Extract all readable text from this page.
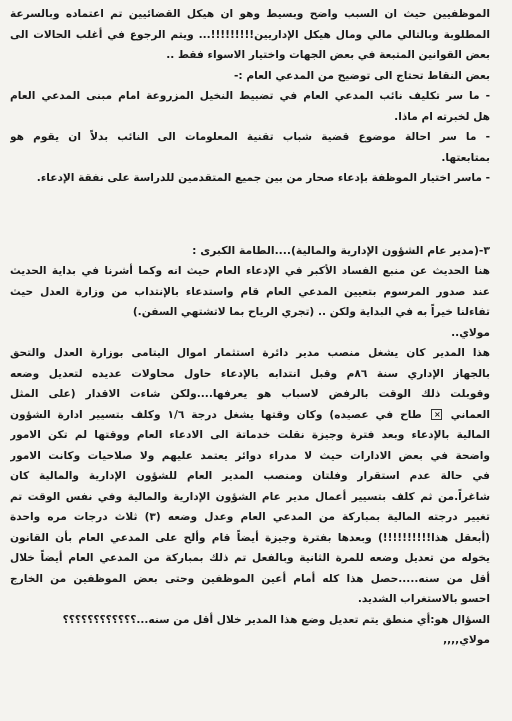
الموظفيين حيث ان السبب واضح وبسيط وهو ان هيكل القضائيين تم اعتماده وبالسرعة
المطلوبة وبالتالي مالي ومال هيكل الإداريين!!!!!!!!!... ويتم الرجوع في أغلب الحالات الى
بعض القوانين المتبعة في بعض الجهات واختيار الاسواء فقط ..
بعض النقاط تحتاج الى توضيح من المدعي العام :-
- ما سر تكليف نائب المدعي العام في تضبيط النخيل المزروعة امام مبنى المدعي العام
هل لخبرته ام ماذا.
- ما سر احالة موضوع قضية شباب تقنية المعلومات الى النائب بدلاً ان يقوم هو
بمتابعتها.
- ماسر اختيار الموظفة بإدعاء صحار من بين جميع المتقدمين للدراسة على نفقة الإدعاء.
٣-(مدير عام الشؤون الإدارية والمالية)....الطامة الكبرى :
هنا الحديث عن منبع الفساد الأكبر في الإدعاء العام حيث انه وكما أشرنا في بداية الحديث
عند صدور المرسوم بتعيين المدعي العام قام واستدعاء بالإنتداب من وزارة العدل حيث
تفاءلنا خيراً به في البداية ولكن .. (تجري الرياح بما لاتشتهي السفن.)
مولاي..
هذا المدير كان يشغل منصب مدير دائرة استثمار اموال اليتامى بوزارة العدل والتحق
بالجهاز الإداري سنة ٨٦م وقبل انتدابه بالإدعاء حاول محاولات عديده لتعديل وضعه
وقوبلت ذلك الوقت بالرفض لاسباب هو يعرفها....ولكن شاءت الاقدار (على المثل
العماني × طاح في عصيده) وكان وقتها يشغل درجة ١/٦ وكلف بتسيير ادارة الشؤون
المالية بالإدعاء وبعد فترة وجيزة نقلت خدماتة الى الادعاء العام ووقتها لم تكن الامور
واضحة في بعض الادارات حيث لا مدراء دوائر يعتمد عليهم ولا صلاحيات وكانت الامور
في حالة عدم استقرار وفلتان ومنصب المدير العام للشؤون الإدارية والمالية كان
شاغراً.من ثم كلف بتسيير أعمال مدير عام الشؤون الإدارية والمالية وفي نفس الوقت تم
تغيير درجته المالية بمباركة من المدعي العام وعدل وضعه (٣) ثلاث درجات مره واحدة
(أبعقل هذا!!!!!!!!!!) وبعدها بفترة وجيزة أيضاً قام وألح على المدعي العام بأن القانون
يخوله من تعديل وضعه للمرة الثانية وبالفعل تم ذلك بمباركة من المدعي العام أيضاً خلال
أقل من سنه.....حصل هذا كله أمام أعين الموظفين وحتى بعض الموظفين من الخارج
احسو بالاستغراب الشديد.
السؤال هو:أي منطق يتم تعديل وضع هذا المدير خلال أقل من سنه...؟؟؟؟؟؟؟؟؟؟؟؟
مولاي,,,,
